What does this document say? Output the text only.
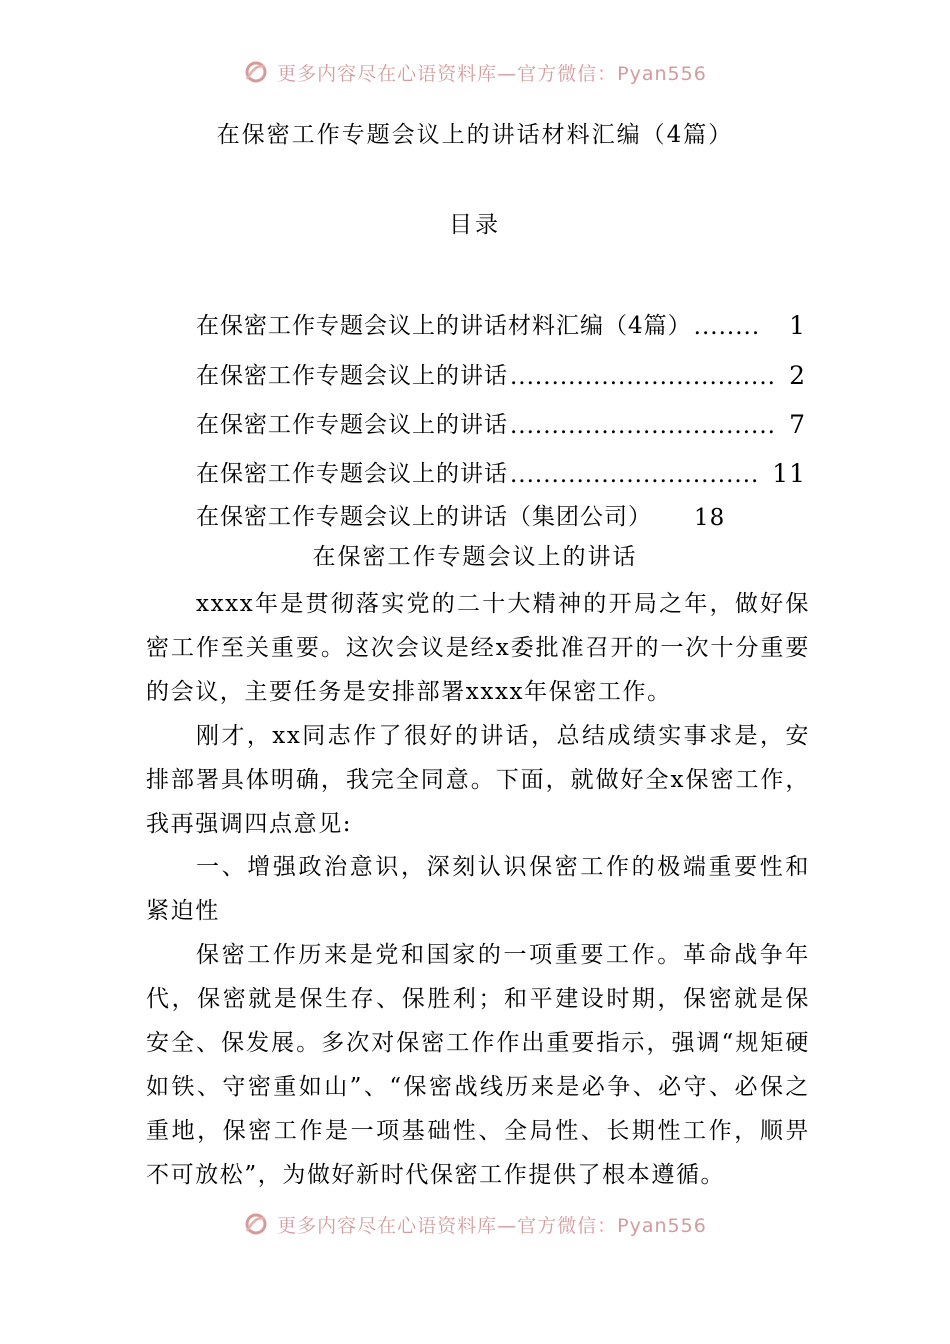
更多内容尽在心语资料库—官方微信：Pyan556
在保密工作专题会议上的讲话材料汇编（4篇）
目录
在保密工作专题会议上的讲话材料汇编（4篇） ........	1
在保密工作专题会议上的讲话 ................................ 2
在保密工作专题会议上的讲话 ................................ 7
在保密工作专题会议上的讲话 .............................. 11
在保密工作专题会议上的讲话（集团公司） 18
在保密工作专题会议上的讲话

xxxx年是贯彻落实党的二十大精神的开局之年，做好保密工作至关重要。这次会议是经x委批准召开的一次十分重要的会议，主要任务是安排部署xxxx年保密工作。

刚才，xx同志作了很好的讲话，总结成绩实事求是，安排部署具体明确，我完全同意。下面，就做好全x保密工作，我再强调四点意见:

一、增强政治意识，深刻认识保密工作的极端重要性和紧迫性

保密工作历来是党和国家的一项重要工作。革命战争年代，保密就是保生存、保胜利；和平建设时期，保密就是保安全、保发展。多次对保密工作作出重要指示，强调“规矩硬如铁、守密重如山”、“保密战线历来是必争、必守、必保之重地，保密工作是一项基础性、全局性、长期性工作，顺畀不可放松”，为做好新时代保密工作提供了根本遵循。

更多内容尽在心语资料库—官方微信：Pyan556
